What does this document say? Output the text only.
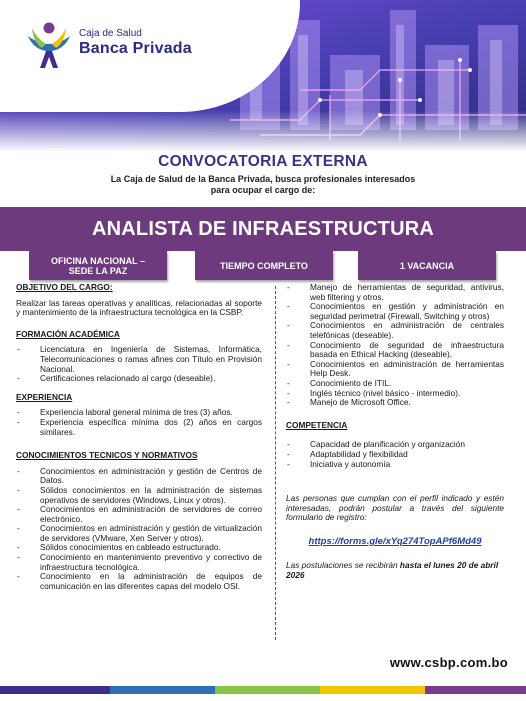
Caja de Salud
Banca Privada
CONVOCATORIA EXTERNA
La Caja de Salud de la Banca Privada, busca profesionales interesados
para ocupar el cargo de:
ANALISTA DE INFRAESTRUCTURA
OFICINA NACIONAL –
SEDE LA PAZ	TIEMPO COMPLETO	1 VACANCIA
OBJETIVO DEL CARGO:
Realizar las tareas operativas y analíticas, relacionadas al soporte y mantenimiento de la infraestructura tecnológica en la CSBP.
FORMACIÓN ACADÉMICA
- Licenciatura en Ingeniería de Sistemas, Informática, Telecomunicaciones o ramas afines con Título en Provisión Nacional.
- Certificaciones relacionado al cargo (deseable).
EXPERIENCIA
- Experiencia laboral general mínima de tres (3) años.
- Experiencia específica mínima dos (2) años en cargos similares.
CONOCIMIENTOS TECNICOS Y NORMATIVOS
- Conocimientos en administración y gestión de Centros de Datos.
- Sólidos conocimientos en la administración de sistemas operativos de servidores (Windows, Linux y otros).
- Conocimientos en administración de servidores de correo electrónico.
- Conocimientos en administración y gestión de virtualización de servidores (VMware, Xen Server y otros).
- Sólidos conocimientos en cableado estructurado.
- Conocimiento en mantenimiento preventivo y correctivo de infraestructura tecnológica.
- Conocimiento en la administración de equipos de comunicación en las diferentes capas del modelo OSI.
- Manejo de herramientas de seguridad, antivirus, web filtering y otros.
- Conocimientos en gestión y administración en seguridad perimetral (Firewall, Switching y otros)
- Conocimientos en administración de centrales telefónicas (deseable).
- Conocimiento de seguridad de infraestructura basada en Ethical Hacking (deseable).
- Conocimientos en administración de herramientas Help Desk.
- Conocimiento de ITIL.
- Inglés técnico (nivel básico - intermedio).
- Manejo de Microsoft Office.
COMPETENCIA
- Capacidad de planificación y organización
- Adaptabilidad y flexibilidad
- Iniciativa y autonomía
Las personas que cumplan con el perfil indicado y estén interesadas, podrán postular a través del siguiente formulario de registro:
https://forms.gle/xYq274TopAPf6Md49
Las postulaciones se recibirán hasta el lunes 20 de abril 2026
www.csbp.com.bo
